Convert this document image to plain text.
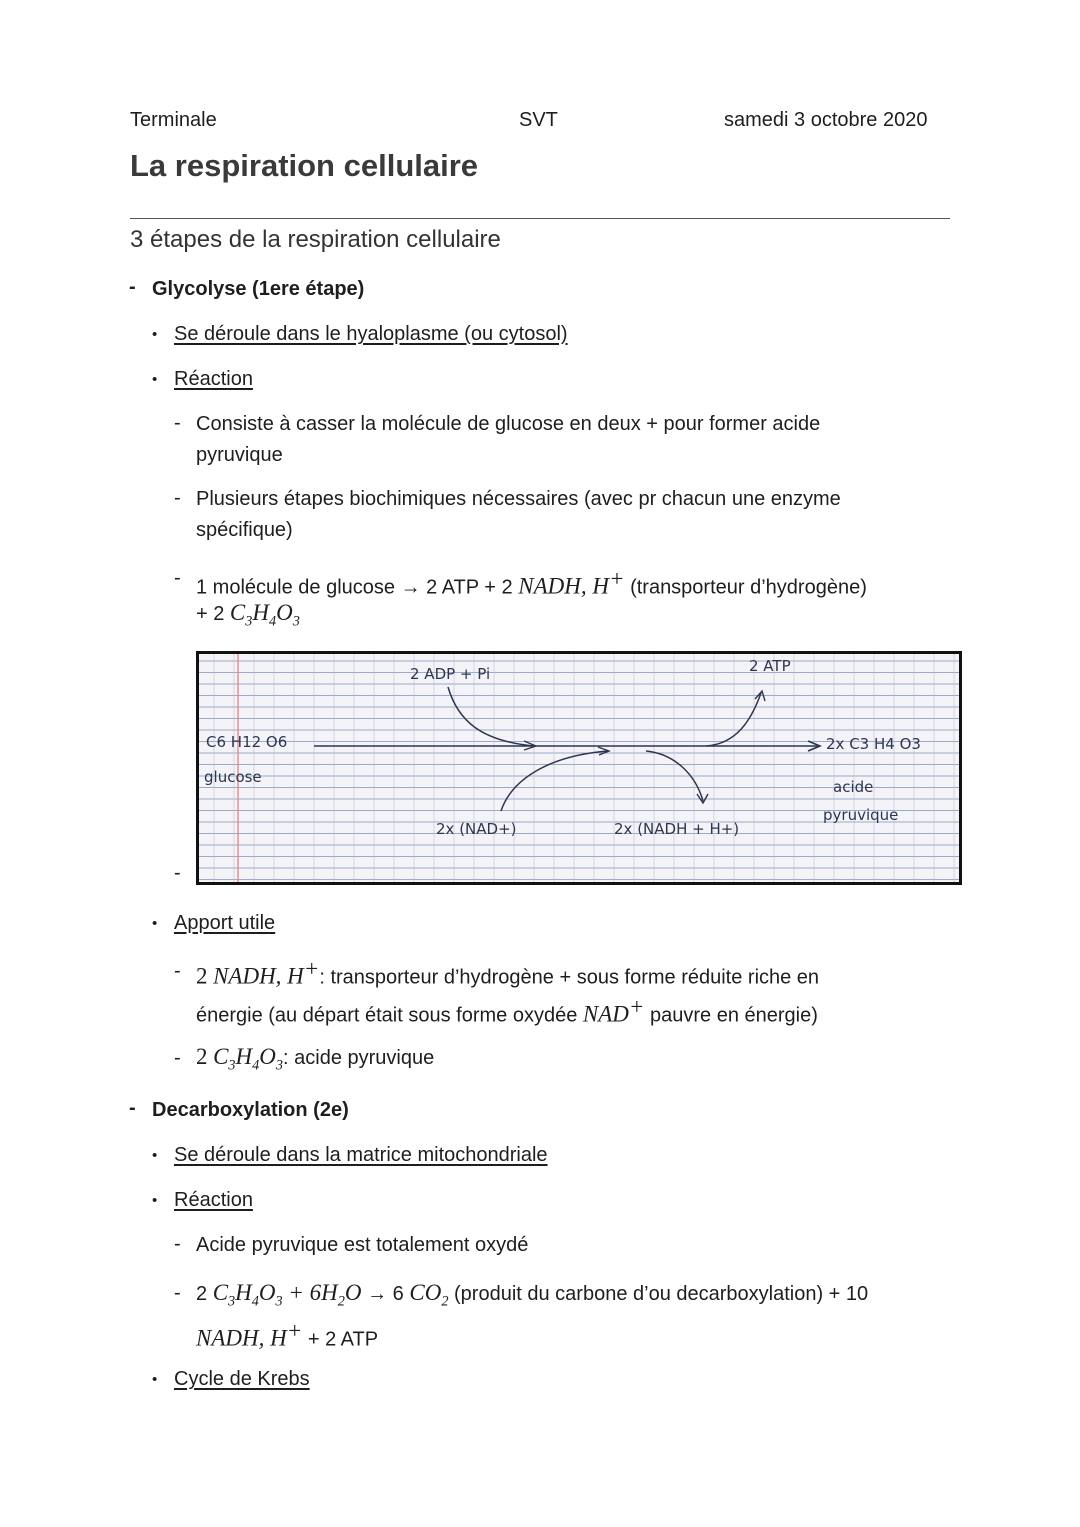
Terminale	SVT	samedi 3 octobre 2020
La respiration cellulaire
3 étapes de la respiration cellulaire
- Glycolyse (1ere étape)
• Se déroule dans le hyaloplasme (ou cytosol)
• Réaction
- Consiste à casser la molécule de glucose en deux + pour former acide
pyruvique
- Plusieurs étapes biochimiques nécessaires (avec pr chacun une enzyme
spécifique)
- 1 molécule de glucose → 2 ATP + 2 NADH, H+ (transporteur d’hydrogène)
+ 2 $C_3H_4O_3$
2 ADP + Pi	2 ATP
C6 H12 O6
glucose
2x C3 H4 O3
acide
pyruvique
2x (NAD+)	2x (NADH + H+)
-
• Apport utile
- 2 NADH, H+: transporteur d’hydrogène + sous forme réduite riche en
énergie (au départ était sous forme oxydée NAD+ pauvre en énergie)
- 2 $C_3H_4O_3$: acide pyruvique
- Decarboxylation (2e)
• Se déroule dans la matrice mitochondriale
• Réaction
- Acide pyruvique est totalement oxydé
- 2 $C_3H_4O_3 + 6H_2O \to 6$ $CO_2$ (produit du carbone d’ou decarboxylation) + 10
NADH, H+ + 2 ATP
• Cycle de Krebs
